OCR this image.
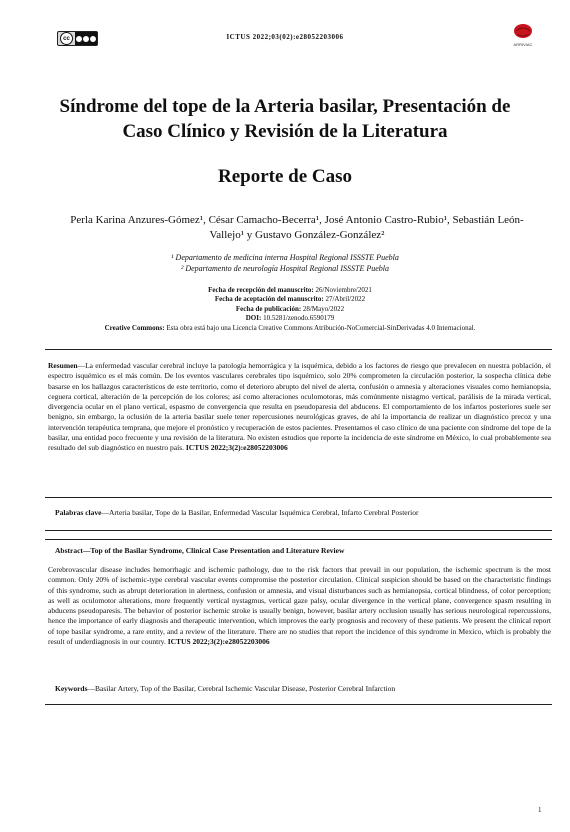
cc	ICTUS 2022;03(02):e28052203006
ARRIVIAC
Síndrome del tope de la Arteria basilar, Presentación de Caso Clínico y Revisión de la Literatura
Reporte de Caso
Perla Karina Anzures-Gómez¹, César Camacho-Becerra¹, José Antonio Castro-Rubio¹, Sebastián León-Vallejo¹ y Gustavo González-González²
¹ Departamento de medicina interna Hospital Regional ISSSTE Puebla
² Departamento de neurología Hospital Regional ISSSTE Puebla
Fecha de recepción del manuscrito: 26/Noviembre/2021
Fecha de aceptación del manuscrito: 27/Abril/2022
Fecha de publicación: 28/Mayo/2022
DOI: 10.5281/zenodo.6590179
Creative Commons: Esta obra está bajo una Licencia Creative Commons Atribución-NoComercial-SinDerivadas 4.0 Internacional.
Resumen—La enfermedad vascular cerebral incluye la patología hemorrágica y la isquémica, debido a los factores de riesgo que prevalecen en nuestra población, el espectro isquémico es el más común. De los eventos vasculares cerebrales tipo isquémico, solo 20% comprometen la circulación posterior, la sospecha clínica debe basarse en los hallazgos característicos de este territorio, como el deterioro abrupto del nivel de alerta, confusión o amnesia y alteraciones visuales como hemianopsia, ceguera cortical, alteración de la percepción de los colores; así como alteraciones oculomotoras, más comúnmente nistagmo vertical, parálisis de la mirada vertical, divergencia ocular en el plano vertical, espasmo de convergencia que resulta en pseudoparesia del abducens. El comportamiento de los infartos posteriores suele ser benigno, sin embargo, la oclusión de la arteria basilar suele tener repercusiones neurológicas graves, de ahí la importancia de realizar un diagnóstico precoz y una intervención terapéutica temprana, que mejore el pronóstico y recuperación de estos pacientes. Presentamos el caso clínico de una paciente con síndrome del tope de la basilar, una entidad poco frecuente y una revisión de la literatura. No existen estudios que reporte la incidencia de este síndrome en México, lo cual probablemente sea resultado del sub diagnóstico en nuestro país. ICTUS 2022;3(2):e28052203006
Palabras clave—Arteria basilar, Tope de la Basilar, Enfermedad Vascular Isquémica Cerebral, Infarto Cerebral Posterior
Abstract—Top of the Basilar Syndrome, Clinical Case Presentation and Literature Review
Cerebrovascular disease includes hemorrhagic and ischemic pathology, due to the risk factors that prevail in our population, the ischemic spectrum is the most common. Only 20% of ischemic-type cerebral vascular events compromise the posterior circulation. Clinical suspicion should be based on the characteristic findings of this syndrome, such as abrupt deterioration in alertness, confusion or amnesia, and visual disturbances such as hemianopsia, cortical blindness, of color perception; as well as oculomotor alterations, more frequently vertical nystagmus, vertical gaze palsy, ocular divergence in the vertical plane, convergence spasm resulting in abducens pseudoparesis. The behavior of posterior ischemic stroke is usually benign, however, basilar artery occlusion usually has serious neurological repercussions, hence the importance of early diagnosis and therapeutic intervention, which improves the early prognosis and recovery of these patients. We present the clinical report of tope basilar syndrome, a rare entity, and a review of the literature. There are no studies that report the incidence of this syndrome in Mexico, which is probably the result of underdiagnosis in our country. ICTUS 2022;3(2):e28052203006
Keywords—Basilar Artery, Top of the Basilar, Cerebral Ischemic Vascular Disease, Posterior Cerebral Infarction
1
